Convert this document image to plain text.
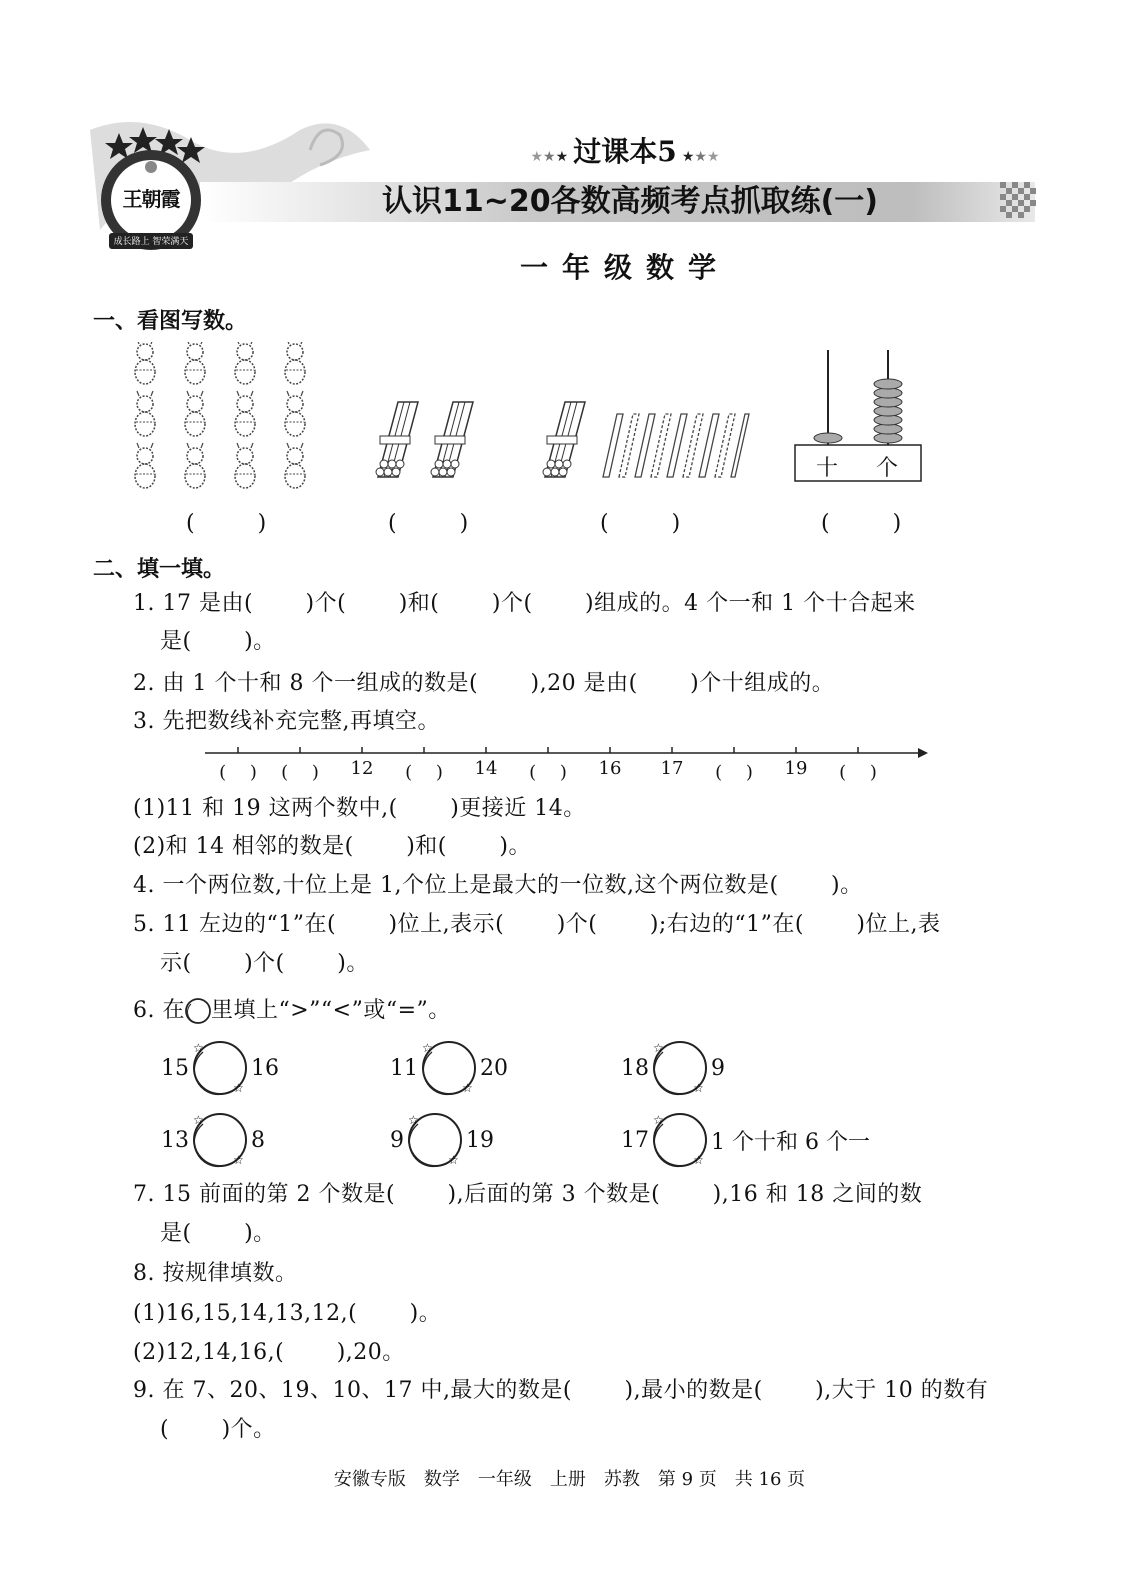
王朝霞
成长路上 智荣满天
★★★ 过课本5 ★★★
认识11~20各数高频考点抓取练(一)
一年级数学
一、看图写数。
十 个
( )	( )	( )	( )
二、填一填。
1. 17 是由(　　 )个(　　 )和(　　 )个(　　 )组成的。4 个一和 1 个十合起来
是(　　 )。
2. 由 1 个十和 8 个一组成的数是(　　 ),20 是由(　　 )个十组成的。
3. 先把数线补充完整,再填空。
(　 )	(　 )	12	(　 )	14	(　 )	16	17	(　 )	19	(　 )
(1)11 和 19 这两个数中,(　　 )更接近 14。
(2)和 14 相邻的数是(　　 )和(　　 )。
4. 一个两位数,十位上是 1,个位上是最大的一位数,这个两位数是(　　 )。
5. 11 左边的“1”在(　　 )位上,表示(　　 )个(　　 );右边的“1”在(　　 )位上,表
示(　　 )个(　　 )。
6. 在 里填上“>”“<”或“=”。
15
☆
☆
16	11
☆
☆
20	18
☆
☆
9
13
☆
☆
8	9
☆
☆
19	17
☆
☆
1 个十和 6 个一
7. 15 前面的第 2 个数是(　　 ),后面的第 3 个数是(　　 ),16 和 18 之间的数
是(　　 )。
8. 按规律填数。
(1)16,15,14,13,12,(　　 )。
(2)12,14,16,(　　 ),20。
9. 在 7、20、19、10、17 中,最大的数是(　　 ),最小的数是(　　 ),大于 10 的数有
(　　 )个。
安徽专版　数学　一年级　上册　苏教　第 9 页　共 16 页
